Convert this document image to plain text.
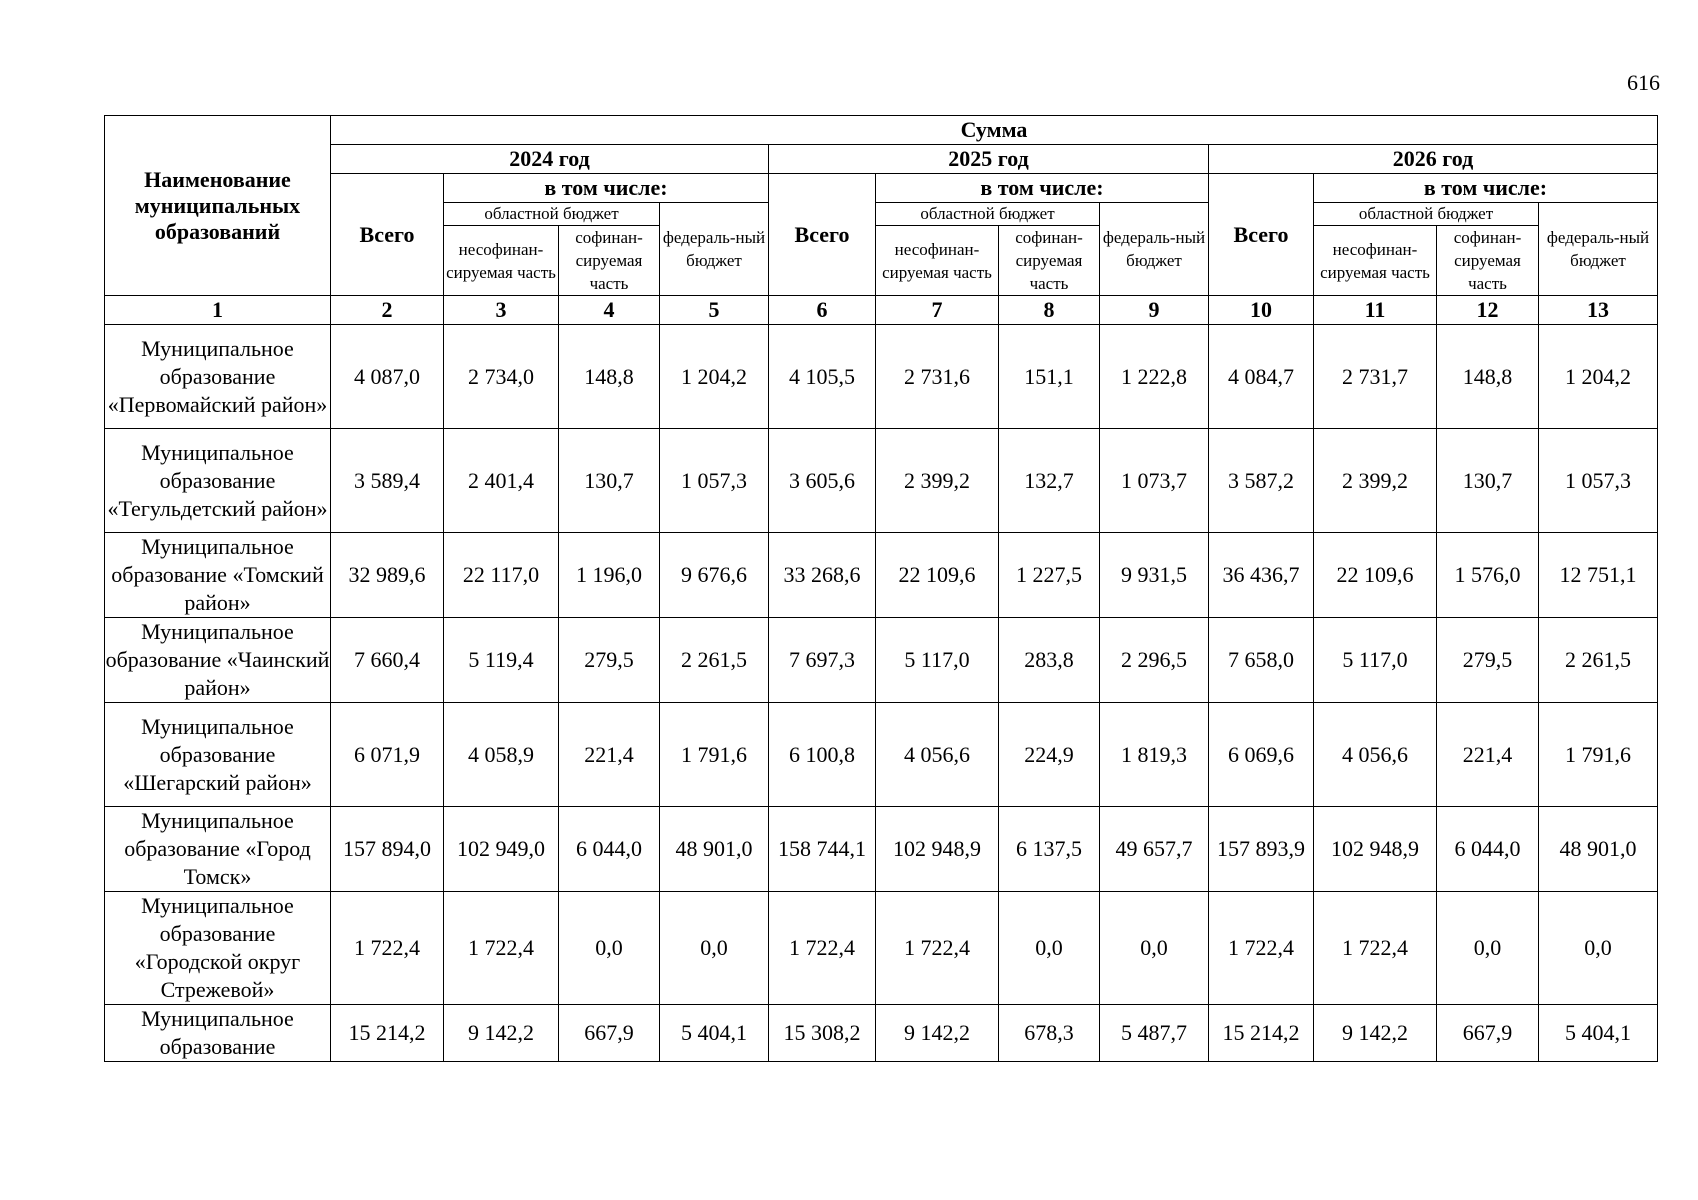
616
Наименование муниципальных образований	Сумма											
	2024 год				2025 год				2026 год			
	Всего	в том числе:			Всего	в том числе:			Всего	в том числе:		
		областной бюджет		федераль-ный бюджет		областной бюджет		федераль-ный бюджет		областной бюджет		федераль-ный бюджет
		несофинан-сируемая часть	софинан-сируемая часть			несофинан-сируемая часть	софинан-сируемая часть			несофинан-сируемая часть	софинан-сируемая часть	

1	2	3	4	5	6	7	8	9	10	11	12	13
Муниципальное образование «Первомайский район»	4 087,0	2 734,0	148,8	1 204,2	4 105,5	2 731,6	151,1	1 222,8	4 084,7	2 731,7	148,8	1 204,2
Муниципальное образование «Тегульдетский район»	3 589,4	2 401,4	130,7	1 057,3	3 605,6	2 399,2	132,7	1 073,7	3 587,2	2 399,2	130,7	1 057,3
Муниципальное образование «Томский район»	32 989,6	22 117,0	1 196,0	9 676,6	33 268,6	22 109,6	1 227,5	9 931,5	36 436,7	22 109,6	1 576,0	12 751,1
Муниципальное образование «Чаинский район»	7 660,4	5 119,4	279,5	2 261,5	7 697,3	5 117,0	283,8	2 296,5	7 658,0	5 117,0	279,5	2 261,5
Муниципальное образование «Шегарский район»	6 071,9	4 058,9	221,4	1 791,6	6 100,8	4 056,6	224,9	1 819,3	6 069,6	4 056,6	221,4	1 791,6
Муниципальное образование «Город Томск»	157 894,0	102 949,0	6 044,0	48 901,0	158 744,1	102 948,9	6 137,5	49 657,7	157 893,9	102 948,9	6 044,0	48 901,0
Муниципальное образование «Городской округ Стрежевой»	1 722,4	1 722,4	0,0	0,0	1 722,4	1 722,4	0,0	0,0	1 722,4	1 722,4	0,0	0,0
Муниципальное образование	15 214,2	9 142,2	667,9	5 404,1	15 308,2	9 142,2	678,3	5 487,7	15 214,2	9 142,2	667,9	5 404,1
